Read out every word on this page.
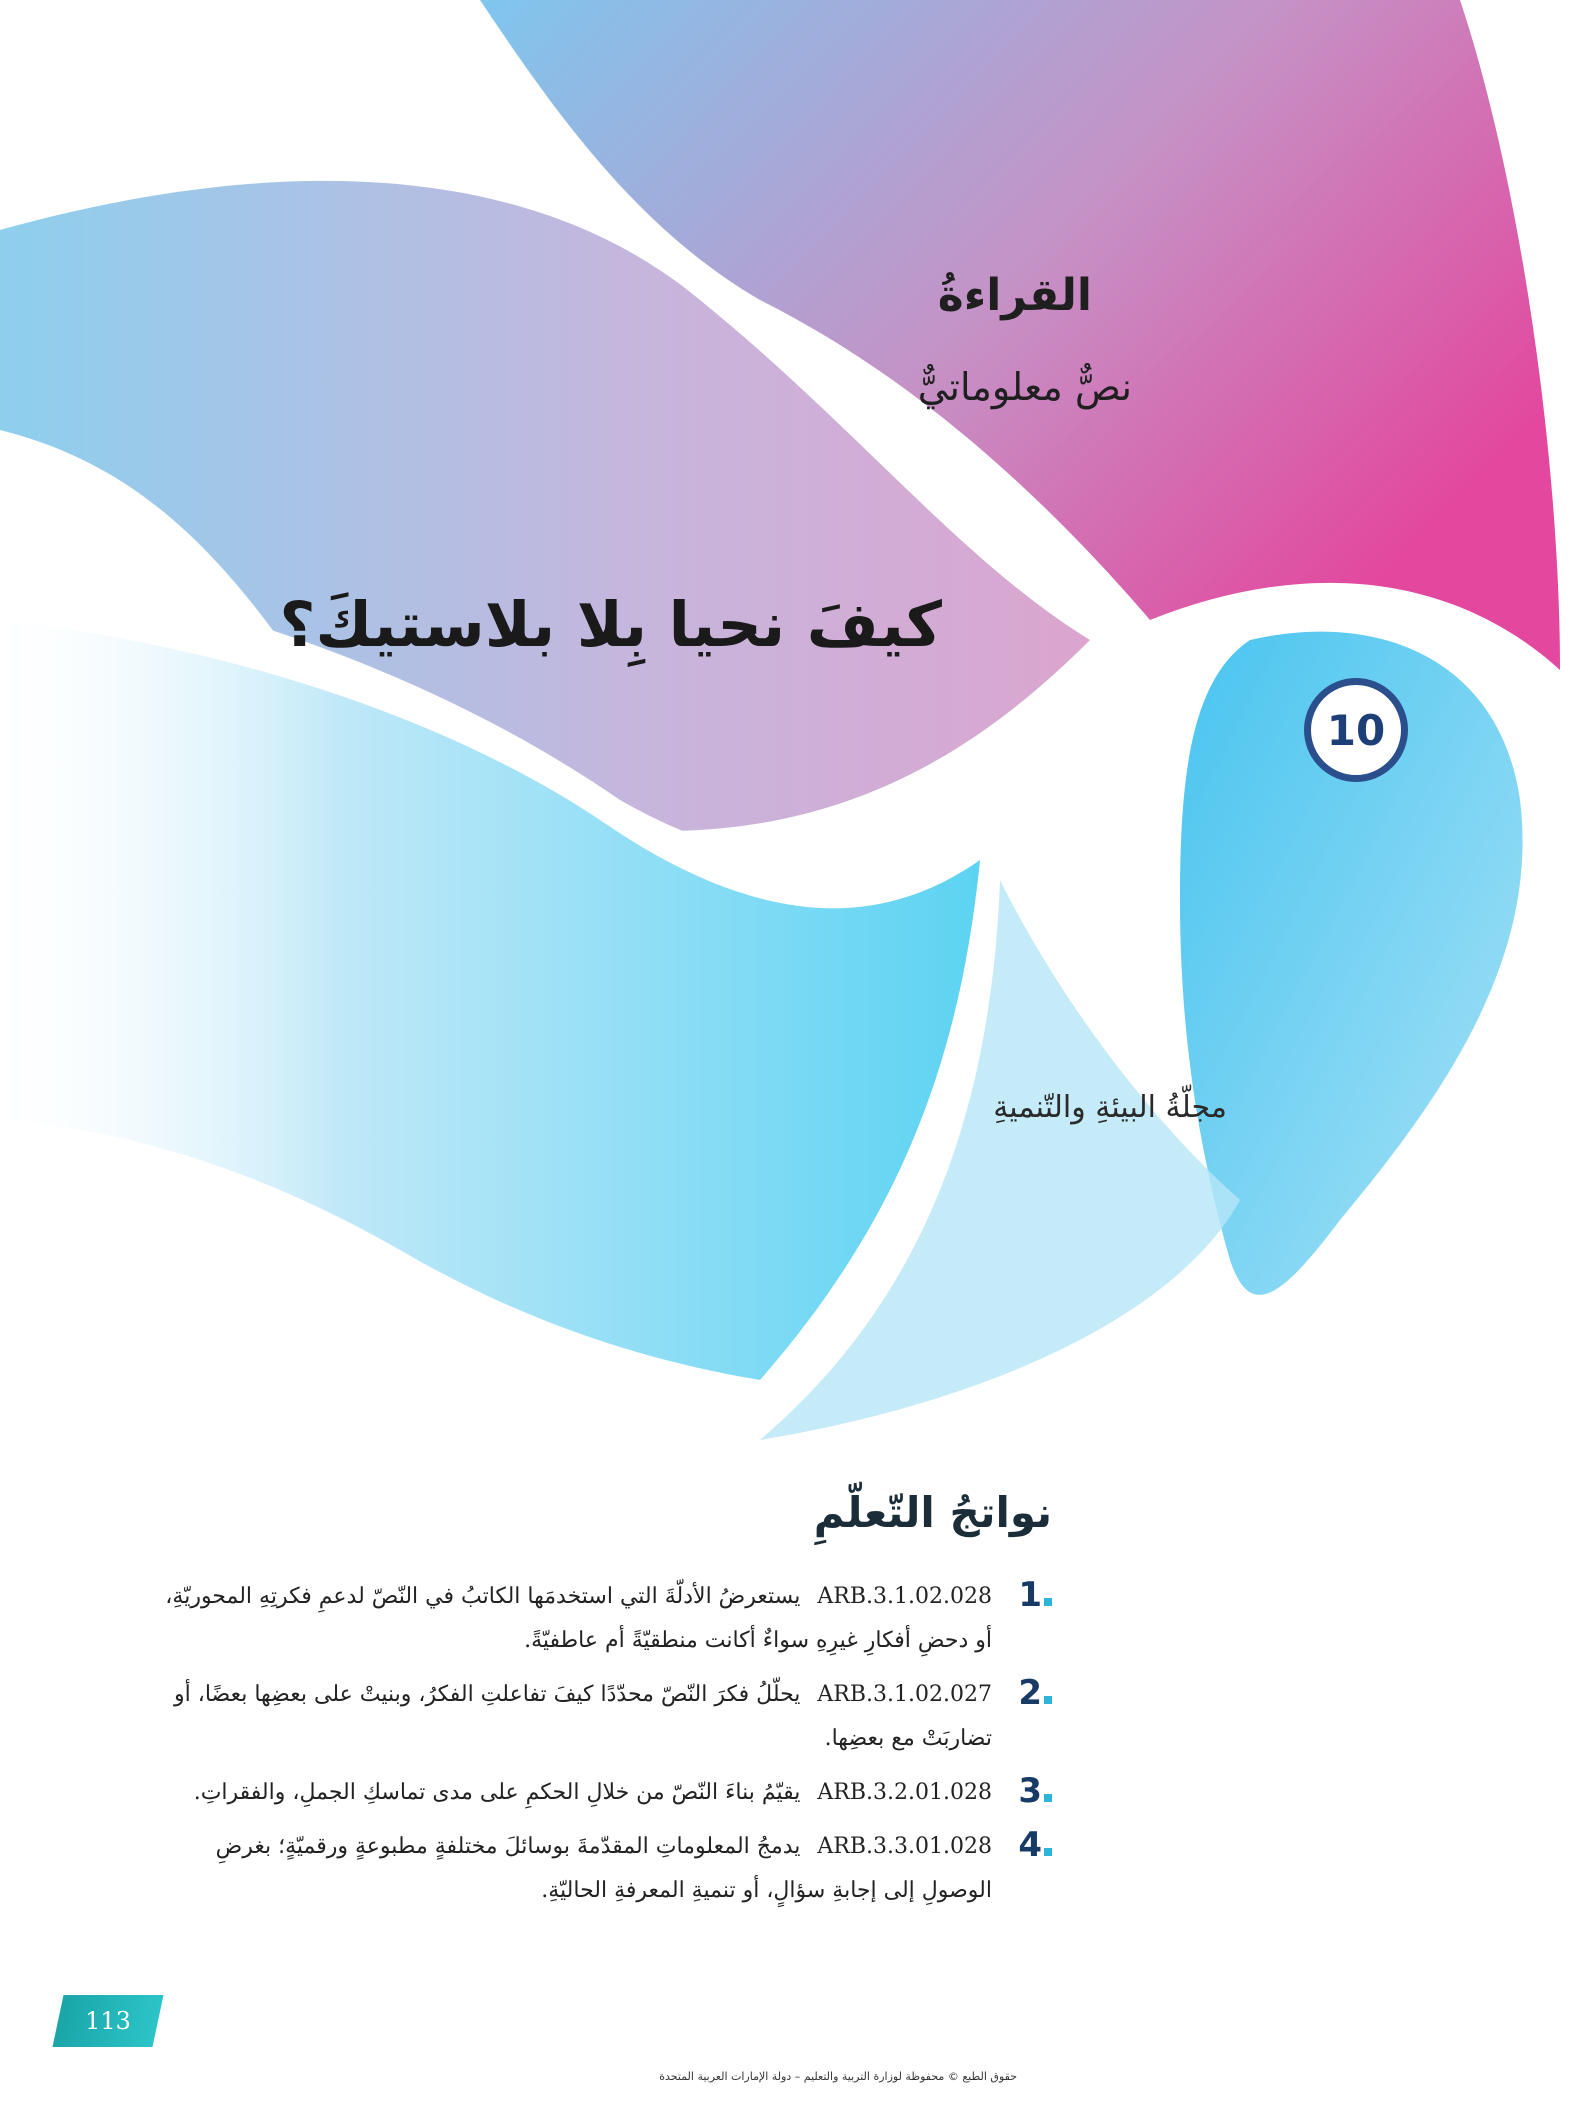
القراءةُ
نصٌّ معلوماتيٌّ
كيفَ نحيا بِلا بلاستيكَ؟
10
مجلّةُ البيئةِ والتّنميةِ
نواتجُ التّعلّمِ
1
ARB.3.1.02.028 يستعرضُ الأدلّةَ التي استخدمَها الكاتبُ في النّصّ لدعمِ فكرتِهِ المحوريّةِ، أو دحضِ أفكارِ غيرِهِ سواءٌ أكانت منطقيّةً أم عاطفيّةً.
2
ARB.3.1.02.027 يحلّلُ فكرَ النّصّ محدّدًا كيفَ تفاعلتِ الفكرُ، وبنيتْ على بعضِها بعضًا، أو تضاربَتْ مع بعضِها.
3
ARB.3.2.01.028 يقيّمُ بناءَ النّصّ من خلالِ الحكمِ على مدى تماسكِ الجملِ، والفقراتِ.
4
ARB.3.3.01.028 يدمجُ المعلوماتِ المقدّمةَ بوسائلَ مختلفةٍ مطبوعةٍ ورقميّةٍ؛ بغرضِ الوصولِ إلى إجابةِ سؤالٍ، أو تنميةِ المعرفةِ الحاليّةِ.
113
حقوق الطبع © محفوظة لوزارة التربية والتعليم – دولة الإمارات العربية المتحدة
